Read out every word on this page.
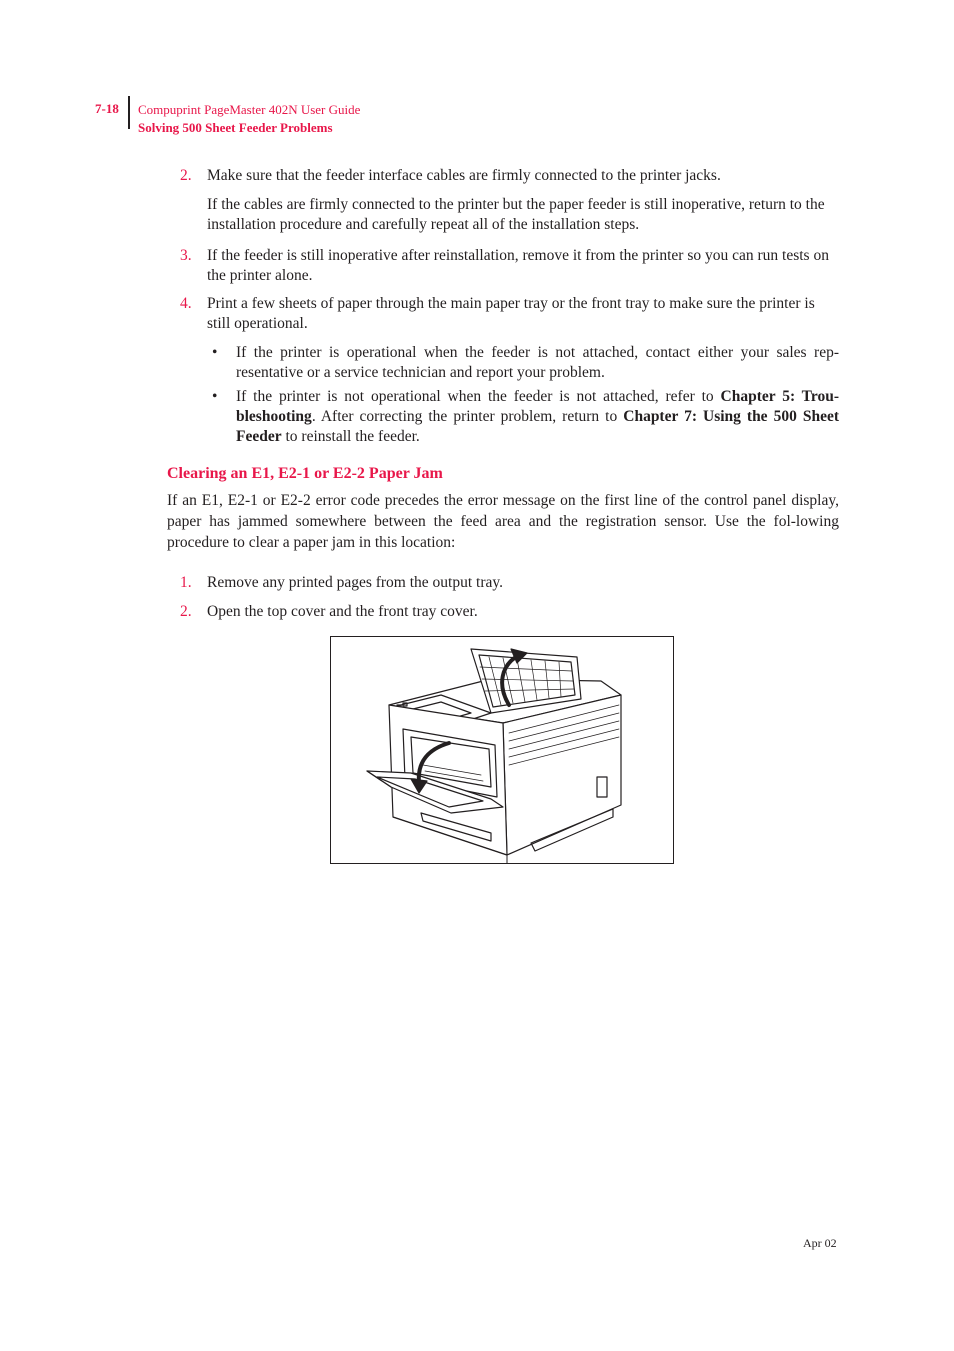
7-18 Compuprint PageMaster 402N User Guide
Solving 500 Sheet Feeder Problems
2. Make sure that the feeder interface cables are firmly connected to the printer jacks.
If the cables are firmly connected to the printer but the paper feeder is still inoperative, return to the installation procedure and carefully repeat all of the installation steps.
3. If the feeder is still inoperative after reinstallation, remove it from the printer so you can run tests on the printer alone.
4. Print a few sheets of paper through the main paper tray or the front tray to make sure the printer is still operational.
• If the printer is operational when the feeder is not attached, contact either your sales rep-resentative or a service technician and report your problem.
• If the printer is not operational when the feeder is not attached, refer to Chapter 5: Trou-bleshooting. After correcting the printer problem, return to Chapter 7: Using the 500 Sheet Feeder to reinstall the feeder.
Clearing an E1, E2-1 or E2-2 Paper Jam
If an E1, E2-1 or E2-2 error code precedes the error message on the first line of the control panel display, paper has jammed somewhere between the feed area and the registration sensor. Use the fol-lowing procedure to clear a paper jam in this location:
1. Remove any printed pages from the output tray.
2. Open the top cover and the front tray cover.
Apr 02
